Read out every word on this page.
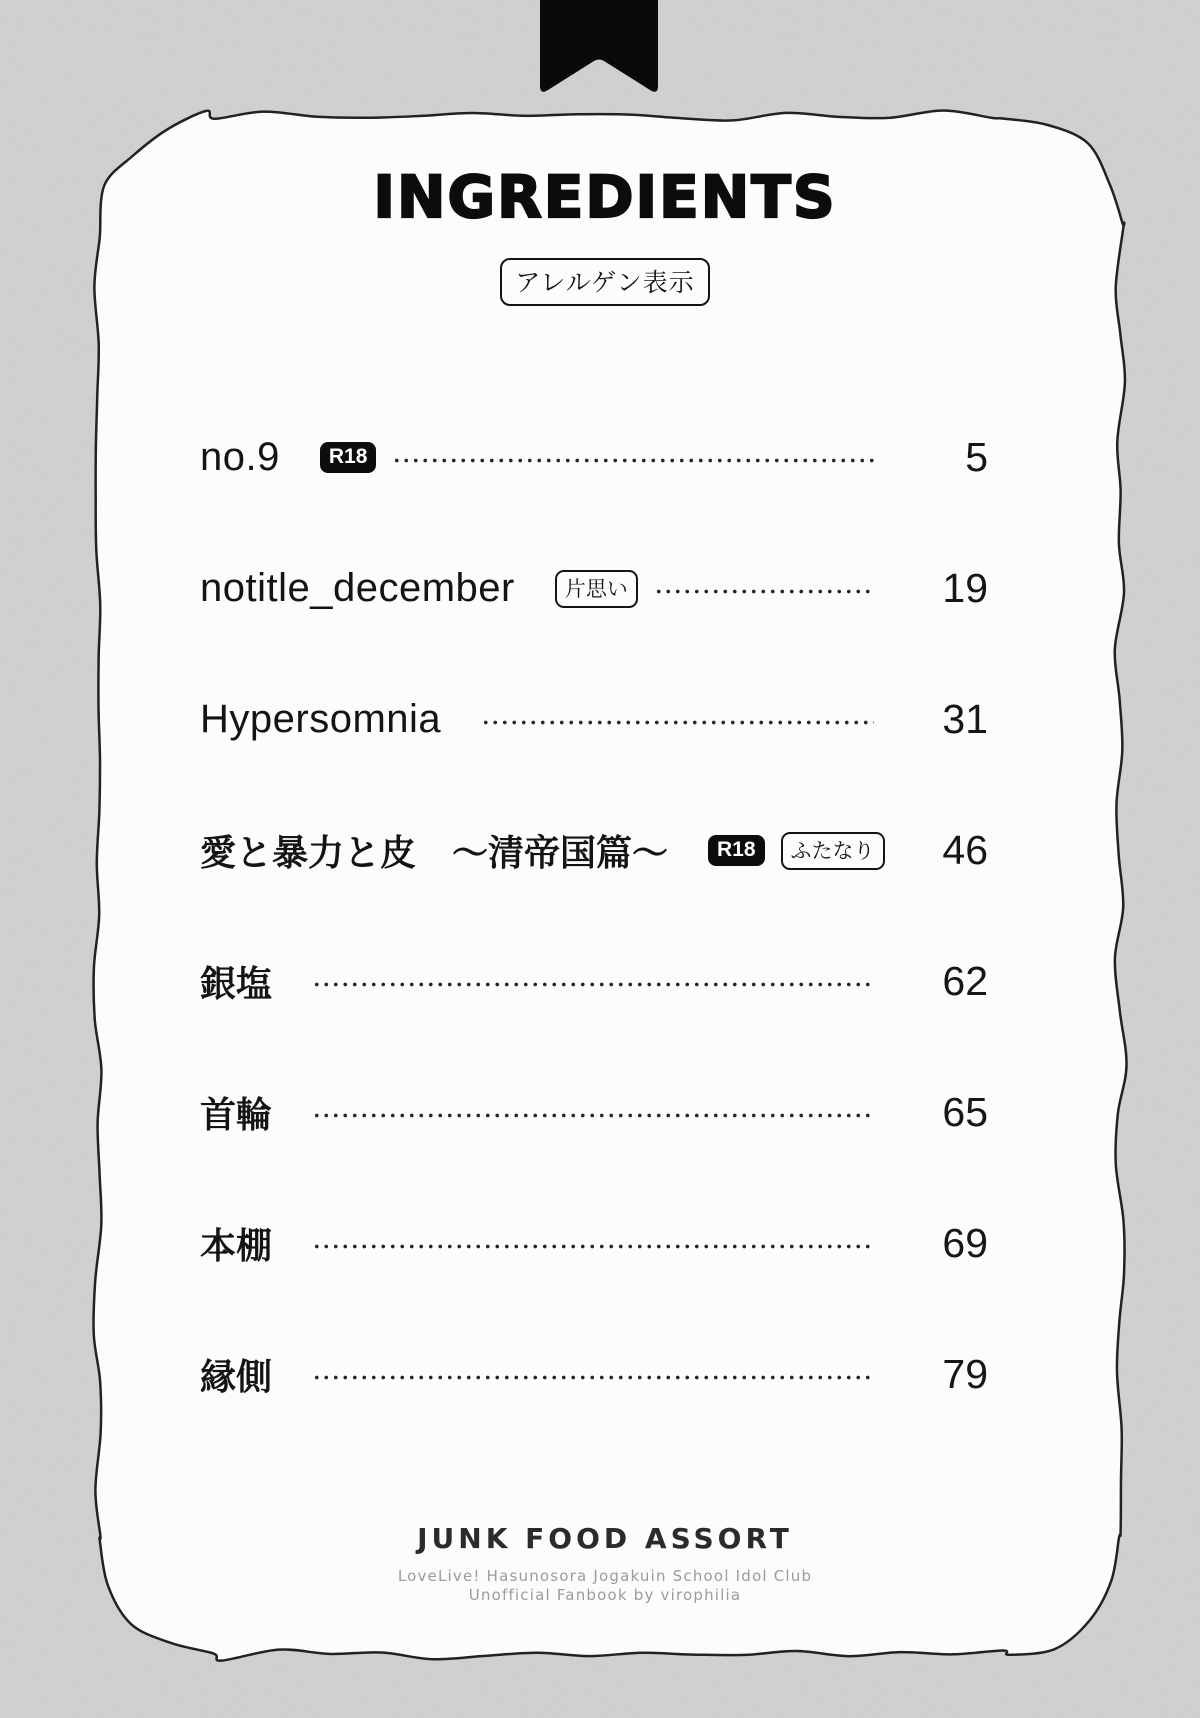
INGREDIENTS
アレルゲン表示
no.9	R18	5
notitle_december	片思い	19
Hypersomnia	31
愛と暴力と皮　～清帝国篇～	R18	ふたなり	46
銀塩	62
首輪	65
本棚	69
縁側	79
JUNK FOOD ASSORT
LoveLive! Hasunosora Jogakuin School Idol Club
Unofficial Fanbook by virophilia
